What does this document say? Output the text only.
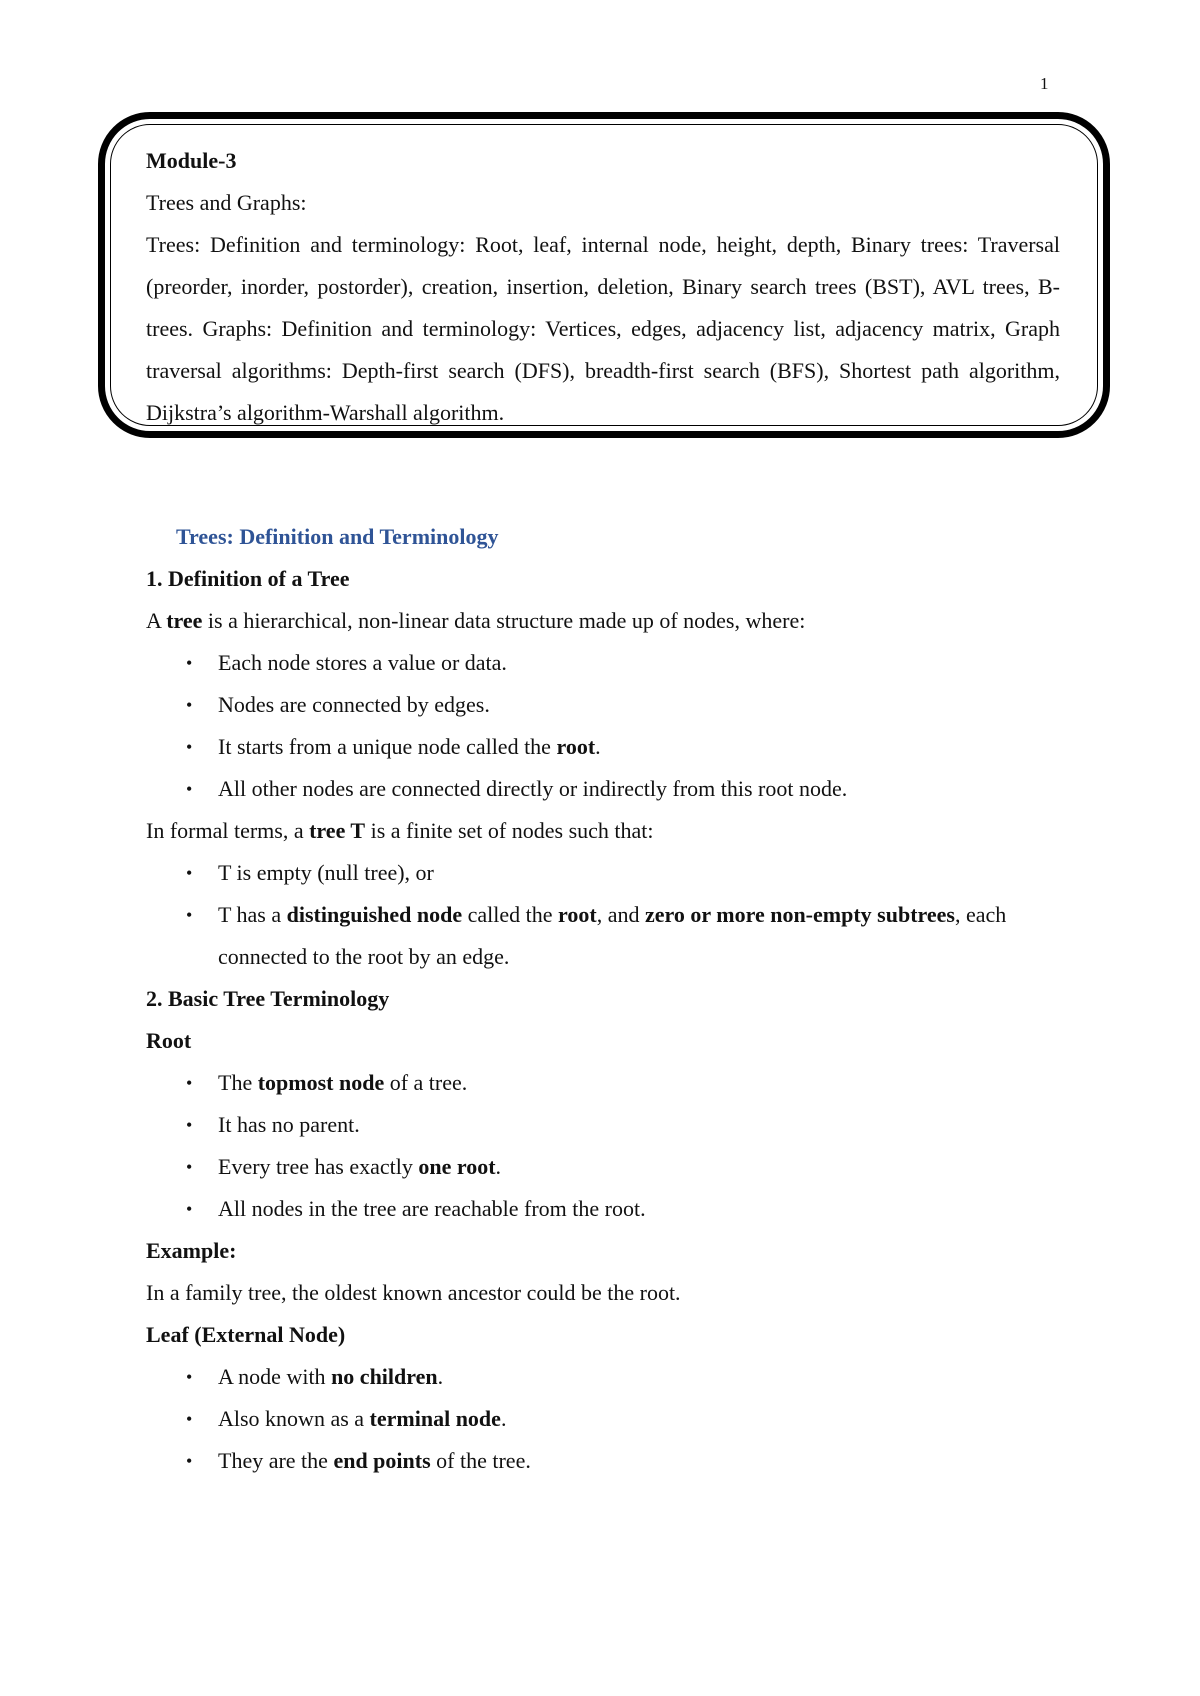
1
Module-3
Trees and Graphs:
Trees: Definition and terminology: Root, leaf, internal node, height, depth, Binary trees: Traversal (preorder, inorder, postorder), creation, insertion, deletion, Binary search trees (BST), AVL trees, B-trees. Graphs: Definition and terminology: Vertices, edges, adjacency list, adjacency matrix, Graph traversal algorithms: Depth-first search (DFS), breadth-first search (BFS), Shortest path algorithm, Dijkstra’s algorithm-Warshall algorithm.
Trees: Definition and Terminology
1. Definition of a Tree

A tree is a hierarchical, non-linear data structure made up of nodes, where:

• Each node stores a value or data.
• Nodes are connected by edges.
• It starts from a unique node called the root.
• All other nodes are connected directly or indirectly from this root node.

In formal terms, a tree T is a finite set of nodes such that:

• T is empty (null tree), or
• T has a distinguished node called the root, and zero or more non-empty subtrees, each connected to the root by an edge.
2. Basic Tree Terminology
Root
• The topmost node of a tree.
• It has no parent.
• Every tree has exactly one root.
• All nodes in the tree are reachable from the root.
Example:

In a family tree, the oldest known ancestor could be the root.

Leaf (External Node)
• A node with no children.
• Also known as a terminal node.
• They are the end points of the tree.
